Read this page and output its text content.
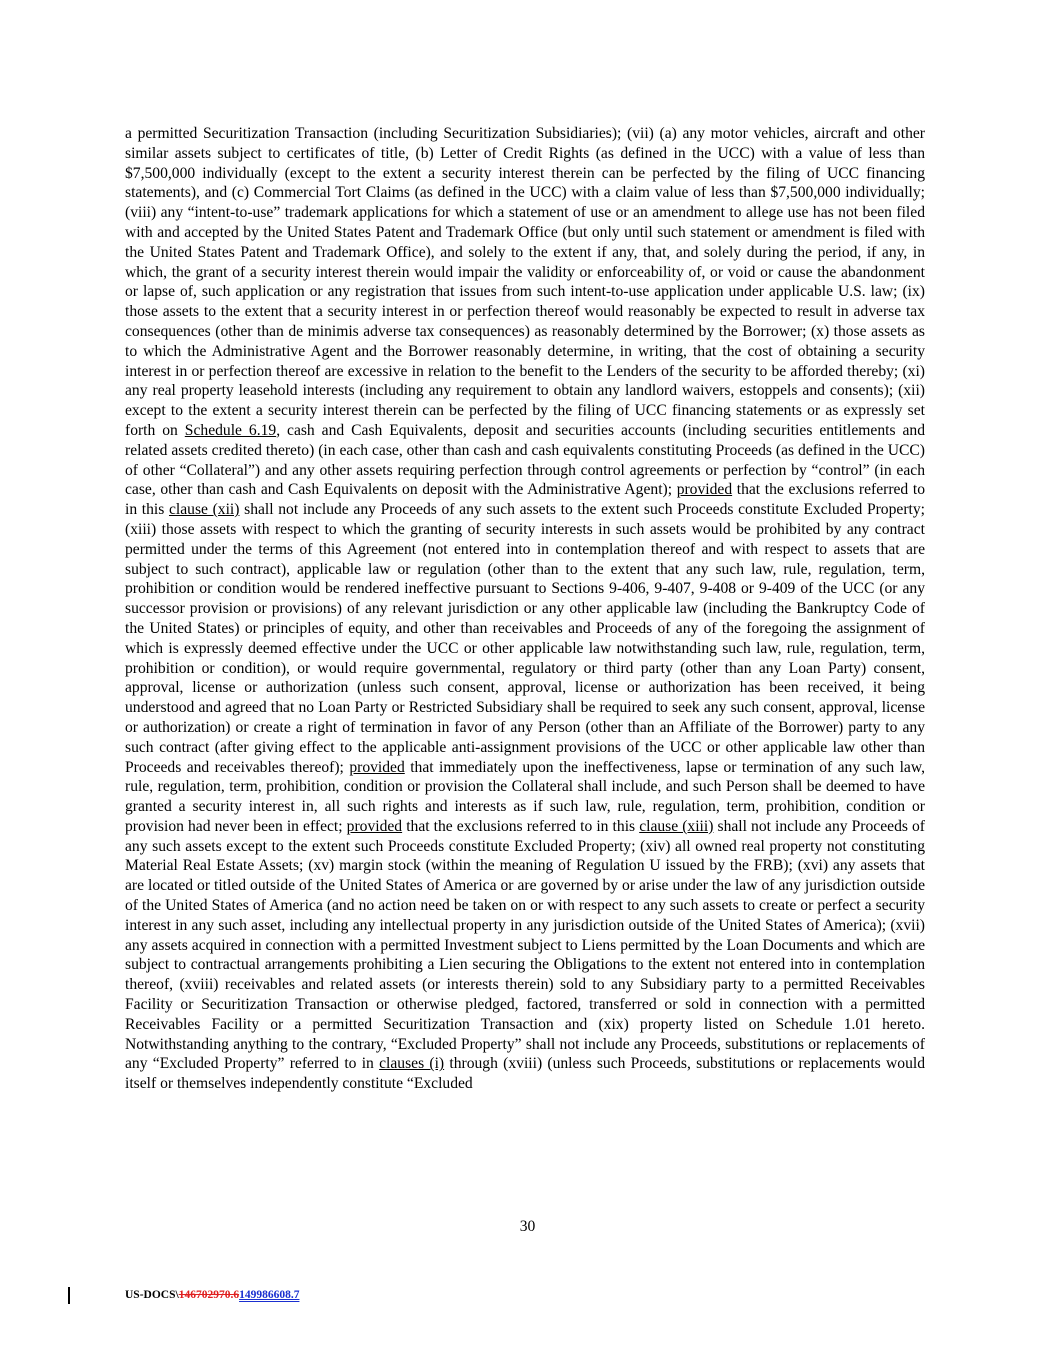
a permitted Securitization Transaction (including Securitization Subsidiaries); (vii) (a) any motor vehicles, aircraft and other similar assets subject to certificates of title, (b) Letter of Credit Rights (as defined in the UCC) with a value of less than $7,500,000 individually (except to the extent a security interest therein can be perfected by the filing of UCC financing statements), and (c) Commercial Tort Claims (as defined in the UCC) with a claim value of less than $7,500,000 individually; (viii) any “intent-to-use” trademark applications for which a statement of use or an amendment to allege use has not been filed with and accepted by the United States Patent and Trademark Office (but only until such statement or amendment is filed with the United States Patent and Trademark Office), and solely to the extent if any, that, and solely during the period, if any, in which, the grant of a security interest therein would impair the validity or enforceability of, or void or cause the abandonment or lapse of, such application or any registration that issues from such intent-to-use application under applicable U.S. law; (ix) those assets to the extent that a security interest in or perfection thereof would reasonably be expected to result in adverse tax consequences (other than de minimis adverse tax consequences) as reasonably determined by the Borrower; (x) those assets as to which the Administrative Agent and the Borrower reasonably determine, in writing, that the cost of obtaining a security interest in or perfection thereof are excessive in relation to the benefit to the Lenders of the security to be afforded thereby; (xi) any real property leasehold interests (including any requirement to obtain any landlord waivers, estoppels and consents); (xii) except to the extent a security interest therein can be perfected by the filing of UCC financing statements or as expressly set forth on Schedule 6.19, cash and Cash Equivalents, deposit and securities accounts (including securities entitlements and related assets credited thereto) (in each case, other than cash and cash equivalents constituting Proceeds (as defined in the UCC) of other “Collateral”) and any other assets requiring perfection through control agreements or perfection by “control” (in each case, other than cash and Cash Equivalents on deposit with the Administrative Agent); provided that the exclusions referred to in this clause (xii) shall not include any Proceeds of any such assets to the extent such Proceeds constitute Excluded Property; (xiii) those assets with respect to which the granting of security interests in such assets would be prohibited by any contract permitted under the terms of this Agreement (not entered into in contemplation thereof and with respect to assets that are subject to such contract), applicable law or regulation (other than to the extent that any such law, rule, regulation, term, prohibition or condition would be rendered ineffective pursuant to Sections 9-406, 9-407, 9-408 or 9-409 of the UCC (or any successor provision or provisions) of any relevant jurisdiction or any other applicable law (including the Bankruptcy Code of the United States) or principles of equity, and other than receivables and Proceeds of any of the foregoing the assignment of which is expressly deemed effective under the UCC or other applicable law notwithstanding such law, rule, regulation, term, prohibition or condition), or would require governmental, regulatory or third party (other than any Loan Party) consent, approval, license or authorization (unless such consent, approval, license or authorization has been received, it being understood and agreed that no Loan Party or Restricted Subsidiary shall be required to seek any such consent, approval, license or authorization) or create a right of termination in favor of any Person (other than an Affiliate of the Borrower) party to any such contract (after giving effect to the applicable anti-assignment provisions of the UCC or other applicable law other than Proceeds and receivables thereof); provided that immediately upon the ineffectiveness, lapse or termination of any such law, rule, regulation, term, prohibition, condition or provision the Collateral shall include, and such Person shall be deemed to have granted a security interest in, all such rights and interests as if such law, rule, regulation, term, prohibition, condition or provision had never been in effect; provided that the exclusions referred to in this clause (xiii) shall not include any Proceeds of any such assets except to the extent such Proceeds constitute Excluded Property; (xiv) all owned real property not constituting Material Real Estate Assets; (xv) margin stock (within the meaning of Regulation U issued by the FRB); (xvi) any assets that are located or titled outside of the United States of America or are governed by or arise under the law of any jurisdiction outside of the United States of America (and no action need be taken on or with respect to any such assets to create or perfect a security interest in any such asset, including any intellectual property in any jurisdiction outside of the United States of America); (xvii) any assets acquired in connection with a permitted Investment subject to Liens permitted by the Loan Documents and which are subject to contractual arrangements prohibiting a Lien securing the Obligations to the extent not entered into in contemplation thereof, (xviii) receivables and related assets (or interests therein) sold to any Subsidiary party to a permitted Receivables Facility or Securitization Transaction or otherwise pledged, factored, transferred or sold in connection with a permitted Receivables Facility or a permitted Securitization Transaction and (xix) property listed on Schedule 1.01 hereto. Notwithstanding anything to the contrary, “Excluded Property” shall not include any Proceeds, substitutions or replacements of any “Excluded Property” referred to in clauses (i) through (xviii) (unless such Proceeds, substitutions or replacements would itself or themselves independently constitute “Excluded

30
US-DOCS\146702970.6149986608.7
